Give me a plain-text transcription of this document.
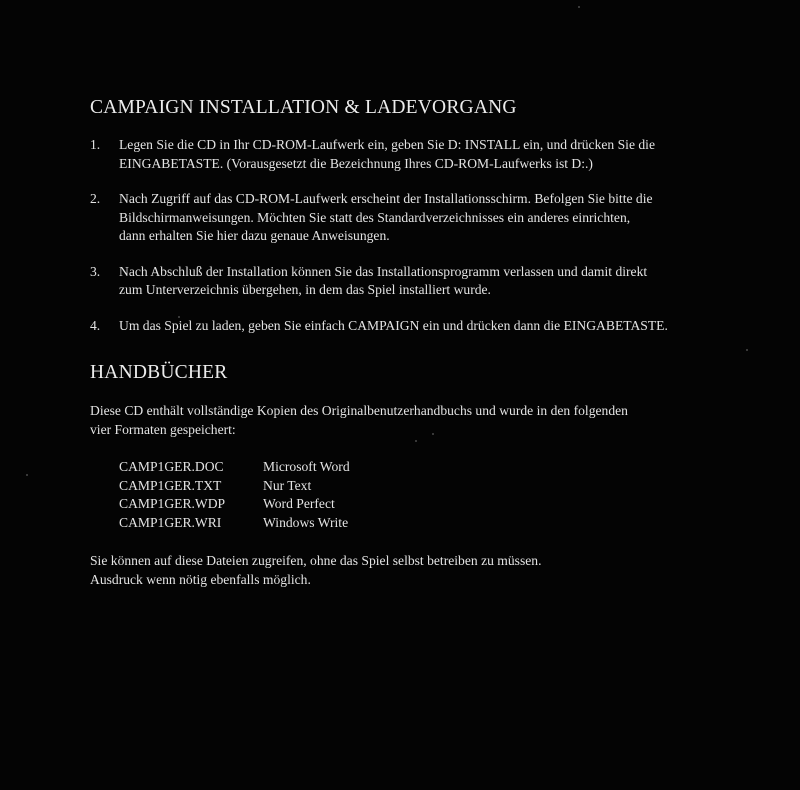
CAMPAIGN INSTALLATION & LADEVORGANG
1. Legen Sie die CD in Ihr CD-ROM-Laufwerk ein, geben Sie D: INSTALL ein, und drücken Sie die
EINGABETASTE. (Vorausgesetzt die Bezeichnung Ihres CD-ROM-Laufwerks ist D:.)
2. Nach Zugriff auf das CD-ROM-Laufwerk erscheint der Installationsschirm. Befolgen Sie bitte die
Bildschirmanweisungen. Möchten Sie statt des Standardverzeichnisses ein anderes einrichten,
dann erhalten Sie hier dazu genaue Anweisungen.
3. Nach Abschluß der Installation können Sie das Installationsprogramm verlassen und damit direkt
zum Unterverzeichnis übergehen, in dem das Spiel installiert wurde.
4. Um das Spiel zu laden, geben Sie einfach CAMPAIGN ein und drücken dann die EINGABETASTE.
HANDBÜCHER

Diese CD enthält vollständige Kopien des Originalbenutzerhandbuchs und wurde in den folgenden
vier Formaten gespeichert:

CAMP1GER.DOC	Microsoft Word
CAMP1GER.TXT	Nur Text
CAMP1GER.WDP	Word Perfect
CAMP1GER.WRI	Windows Write

Sie können auf diese Dateien zugreifen, ohne das Spiel selbst betreiben zu müssen.
Ausdruck wenn nötig ebenfalls möglich.
